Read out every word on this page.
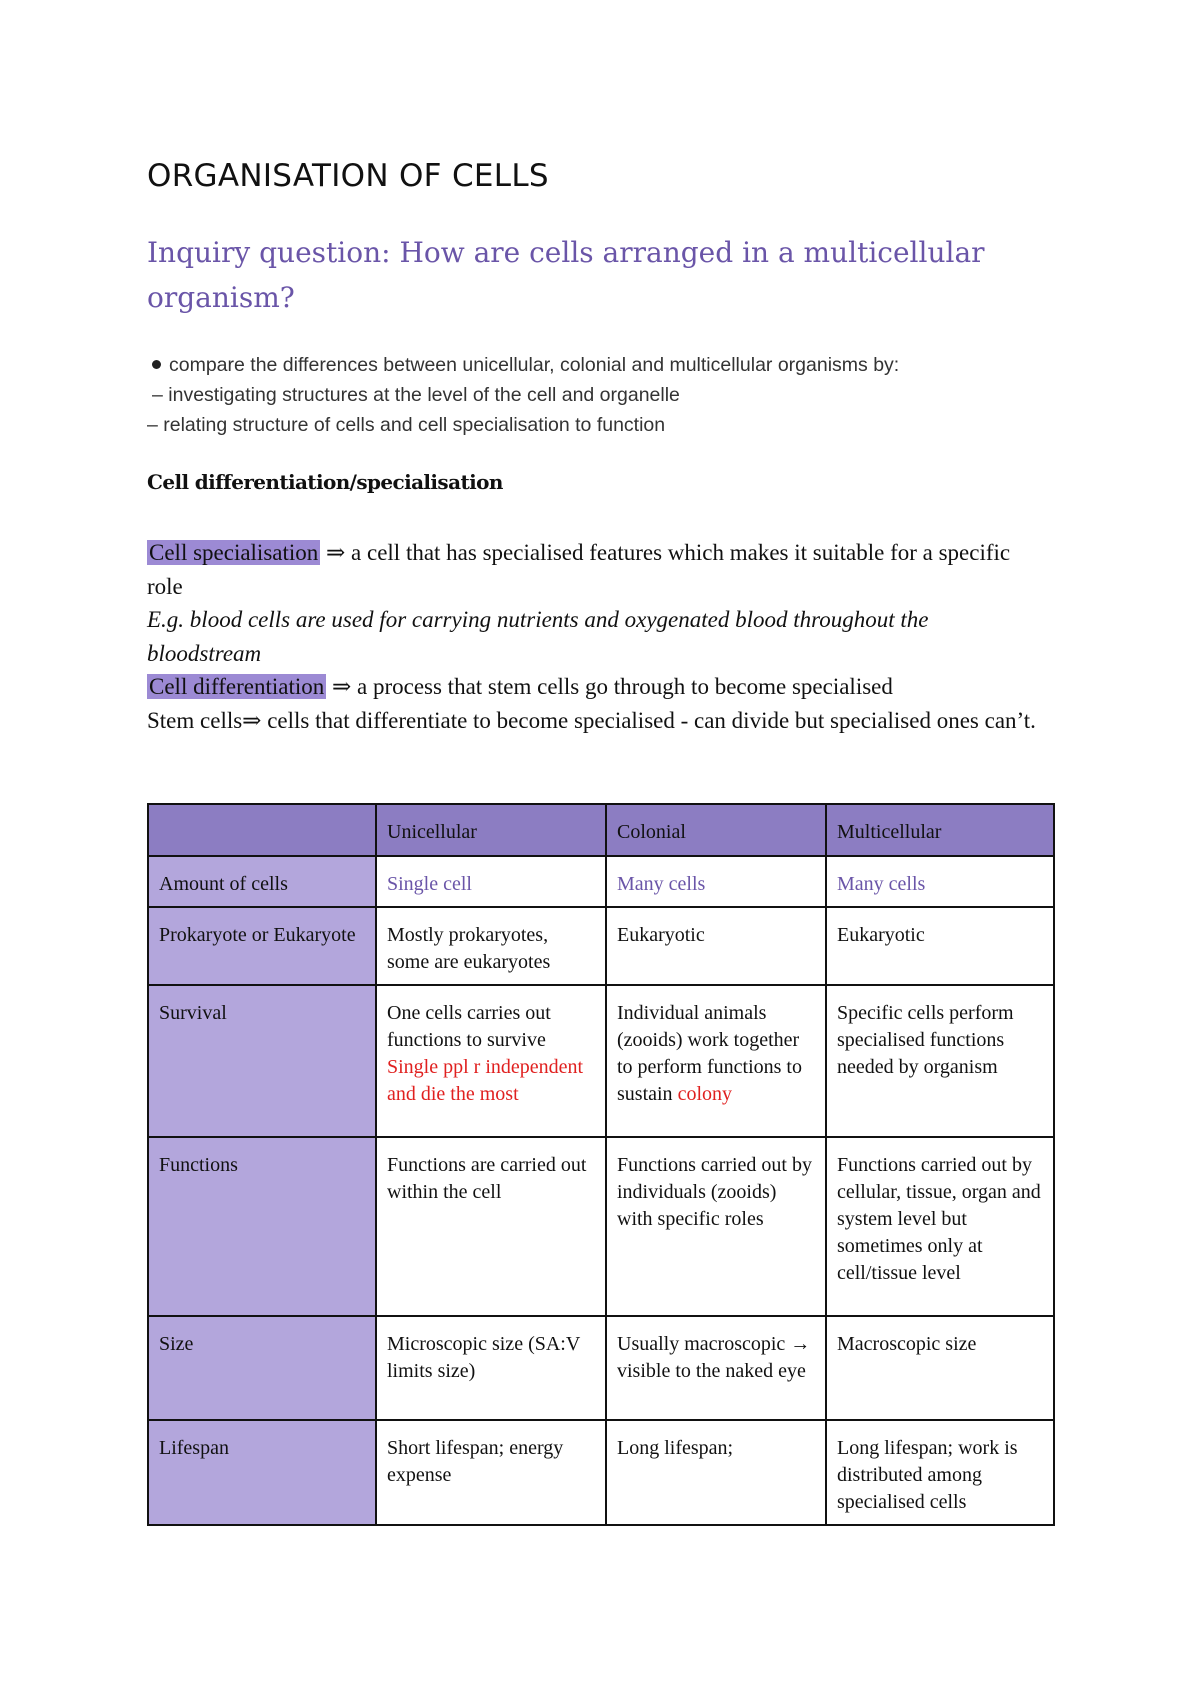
ORGANISATION OF CELLS

Inquiry question: How are cells arranged in a multicellular organism?

compare the differences between unicellular, colonial and multicellular organisms by:
– investigating structures at the level of the cell and organelle
– relating structure of cells and cell specialisation to function
Cell differentiation/specialisation

Cell specialisation ⇒ a cell that has specialised features which makes it suitable for a specific role

E.g. blood cells are used for carrying nutrients and oxygenated blood throughout the bloodstream

Cell differentiation ⇒ a process that stem cells go through to become specialised

Stem cells⇒ cells that differentiate to become specialised - can divide but specialised ones can’t.

	Unicellular	Colonial	Multicellular
Amount of cells	Single cell	Many cells	Many cells
Prokaryote or Eukaryote	Mostly prokaryotes, some are eukaryotes	Eukaryotic	Eukaryotic
Survival	One cells carries out functions to survive Single ppl r independent and die the most	Individual animals (zooids) work together to perform functions to sustain colony	Specific cells perform specialised functions needed by organism
Functions	Functions are carried out within the cell	Functions carried out by individuals (zooids) with specific roles	Functions carried out by cellular, tissue, organ and system level but sometimes only at cell/tissue level
Size	Microscopic size (SA:V limits size)	Usually macroscopic → visible to the naked eye	Macroscopic size
Lifespan	Short lifespan; energy expense	Long lifespan;	Long lifespan; work is distributed among specialised cells
